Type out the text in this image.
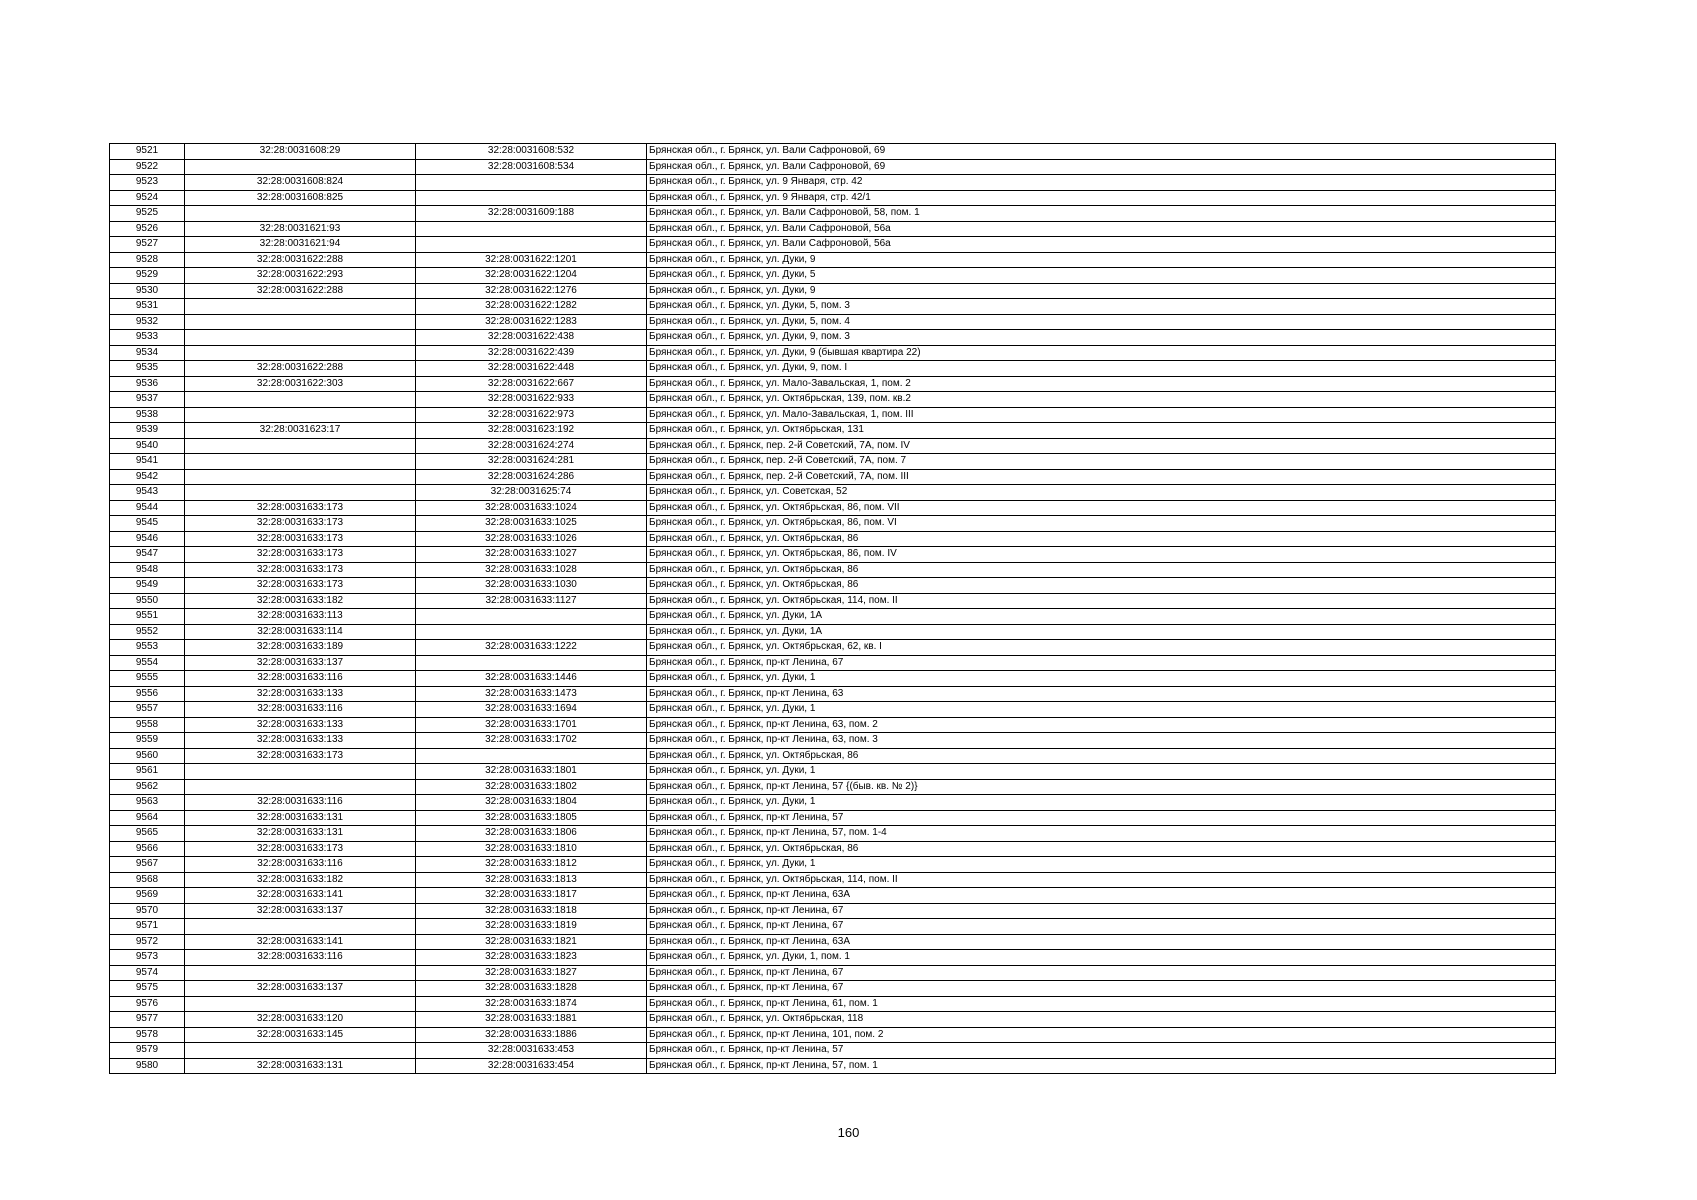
9521	32:28:0031608:29	32:28:0031608:532	Брянская обл., г. Брянск, ул. Вали Сафроновой, 69
9522		32:28:0031608:534	Брянская обл., г. Брянск, ул. Вали Сафроновой, 69
9523	32:28:0031608:824		Брянская обл., г. Брянск, ул. 9 Января, стр. 42
9524	32:28:0031608:825		Брянская обл., г. Брянск, ул. 9 Января, стр. 42/1
9525		32:28:0031609:188	Брянская обл., г. Брянск, ул. Вали Сафроновой, 58, пом. 1
9526	32:28:0031621:93		Брянская обл., г. Брянск, ул. Вали Сафроновой, 56а
9527	32:28:0031621:94		Брянская обл., г. Брянск, ул. Вали Сафроновой, 56а
9528	32:28:0031622:288	32:28:0031622:1201	Брянская обл., г. Брянск, ул. Дуки, 9
9529	32:28:0031622:293	32:28:0031622:1204	Брянская обл., г. Брянск, ул. Дуки, 5
9530	32:28:0031622:288	32:28:0031622:1276	Брянская обл., г. Брянск, ул. Дуки, 9
9531		32:28:0031622:1282	Брянская обл., г. Брянск, ул. Дуки, 5, пом. 3
9532		32:28:0031622:1283	Брянская обл., г. Брянск, ул. Дуки, 5, пом. 4
9533		32:28:0031622:438	Брянская обл., г. Брянск, ул. Дуки, 9, пом. 3
9534		32:28:0031622:439	Брянская обл., г. Брянск, ул. Дуки, 9 (бывшая квартира 22)
9535	32:28:0031622:288	32:28:0031622:448	Брянская обл., г. Брянск, ул. Дуки, 9, пом. I
9536	32:28:0031622:303	32:28:0031622:667	Брянская обл., г. Брянск, ул. Мало-Завальская, 1, пом. 2
9537		32:28:0031622:933	Брянская обл., г. Брянск, ул. Октябрьская, 139, пом. кв.2
9538		32:28:0031622:973	Брянская обл., г. Брянск, ул. Мало-Завальская, 1, пом. III
9539	32:28:0031623:17	32:28:0031623:192	Брянская обл., г. Брянск, ул. Октябрьская, 131
9540		32:28:0031624:274	Брянская обл., г. Брянск, пер. 2-й Советский, 7А, пом. IV
9541		32:28:0031624:281	Брянская обл., г. Брянск, пер. 2-й Советский, 7А, пом. 7
9542		32:28:0031624:286	Брянская обл., г. Брянск, пер. 2-й Советский, 7А, пом. III
9543		32:28:0031625:74	Брянская обл., г. Брянск, ул. Советская, 52
9544	32:28:0031633:173	32:28:0031633:1024	Брянская обл., г. Брянск, ул. Октябрьская, 86, пом. VII
9545	32:28:0031633:173	32:28:0031633:1025	Брянская обл., г. Брянск, ул. Октябрьская, 86, пом. VI
9546	32:28:0031633:173	32:28:0031633:1026	Брянская обл., г. Брянск, ул. Октябрьская, 86
9547	32:28:0031633:173	32:28:0031633:1027	Брянская обл., г. Брянск, ул. Октябрьская, 86, пом. IV
9548	32:28:0031633:173	32:28:0031633:1028	Брянская обл., г. Брянск, ул. Октябрьская, 86
9549	32:28:0031633:173	32:28:0031633:1030	Брянская обл., г. Брянск, ул. Октябрьская, 86
9550	32:28:0031633:182	32:28:0031633:1127	Брянская обл., г. Брянск, ул. Октябрьская, 114, пом. II
9551	32:28:0031633:113		Брянская обл., г. Брянск, ул. Дуки, 1А
9552	32:28:0031633:114		Брянская обл., г. Брянск, ул. Дуки, 1А
9553	32:28:0031633:189	32:28:0031633:1222	Брянская обл., г. Брянск, ул. Октябрьская, 62, кв. I
9554	32:28:0031633:137		Брянская обл., г. Брянск, пр-кт Ленина, 67
9555	32:28:0031633:116	32:28:0031633:1446	Брянская обл., г. Брянск, ул. Дуки, 1
9556	32:28:0031633:133	32:28:0031633:1473	Брянская обл., г. Брянск, пр-кт Ленина, 63
9557	32:28:0031633:116	32:28:0031633:1694	Брянская обл., г. Брянск, ул. Дуки, 1
9558	32:28:0031633:133	32:28:0031633:1701	Брянская обл., г. Брянск, пр-кт Ленина, 63, пом. 2
9559	32:28:0031633:133	32:28:0031633:1702	Брянская обл., г. Брянск, пр-кт Ленина, 63, пом. 3
9560	32:28:0031633:173		Брянская обл., г. Брянск, ул. Октябрьская, 86
9561		32:28:0031633:1801	Брянская обл., г. Брянск, ул. Дуки, 1
9562		32:28:0031633:1802	Брянская обл., г. Брянск, пр-кт Ленина, 57 {(быв. кв. № 2)}
9563	32:28:0031633:116	32:28:0031633:1804	Брянская обл., г. Брянск, ул. Дуки, 1
9564	32:28:0031633:131	32:28:0031633:1805	Брянская обл., г. Брянск, пр-кт Ленина, 57
9565	32:28:0031633:131	32:28:0031633:1806	Брянская обл., г. Брянск, пр-кт Ленина, 57, пом. 1-4
9566	32:28:0031633:173	32:28:0031633:1810	Брянская обл., г. Брянск, ул. Октябрьская, 86
9567	32:28:0031633:116	32:28:0031633:1812	Брянская обл., г. Брянск, ул. Дуки, 1
9568	32:28:0031633:182	32:28:0031633:1813	Брянская обл., г. Брянск, ул. Октябрьская, 114, пом. II
9569	32:28:0031633:141	32:28:0031633:1817	Брянская обл., г. Брянск, пр-кт Ленина, 63А
9570	32:28:0031633:137	32:28:0031633:1818	Брянская обл., г. Брянск, пр-кт Ленина, 67
9571		32:28:0031633:1819	Брянская обл., г. Брянск, пр-кт Ленина, 67
9572	32:28:0031633:141	32:28:0031633:1821	Брянская обл., г. Брянск, пр-кт Ленина, 63А
9573	32:28:0031633:116	32:28:0031633:1823	Брянская обл., г. Брянск, ул. Дуки, 1, пом. 1
9574		32:28:0031633:1827	Брянская обл., г. Брянск, пр-кт Ленина, 67
9575	32:28:0031633:137	32:28:0031633:1828	Брянская обл., г. Брянск, пр-кт Ленина, 67
9576		32:28:0031633:1874	Брянская обл., г. Брянск, пр-кт Ленина, 61, пом. 1
9577	32:28:0031633:120	32:28:0031633:1881	Брянская обл., г. Брянск, ул. Октябрьская, 118
9578	32:28:0031633:145	32:28:0031633:1886	Брянская обл., г. Брянск, пр-кт Ленина, 101, пом. 2
9579		32:28:0031633:453	Брянская обл., г. Брянск, пр-кт Ленина, 57
9580	32:28:0031633:131	32:28:0031633:454	Брянская обл., г. Брянск, пр-кт Ленина, 57, пом. 1
160
